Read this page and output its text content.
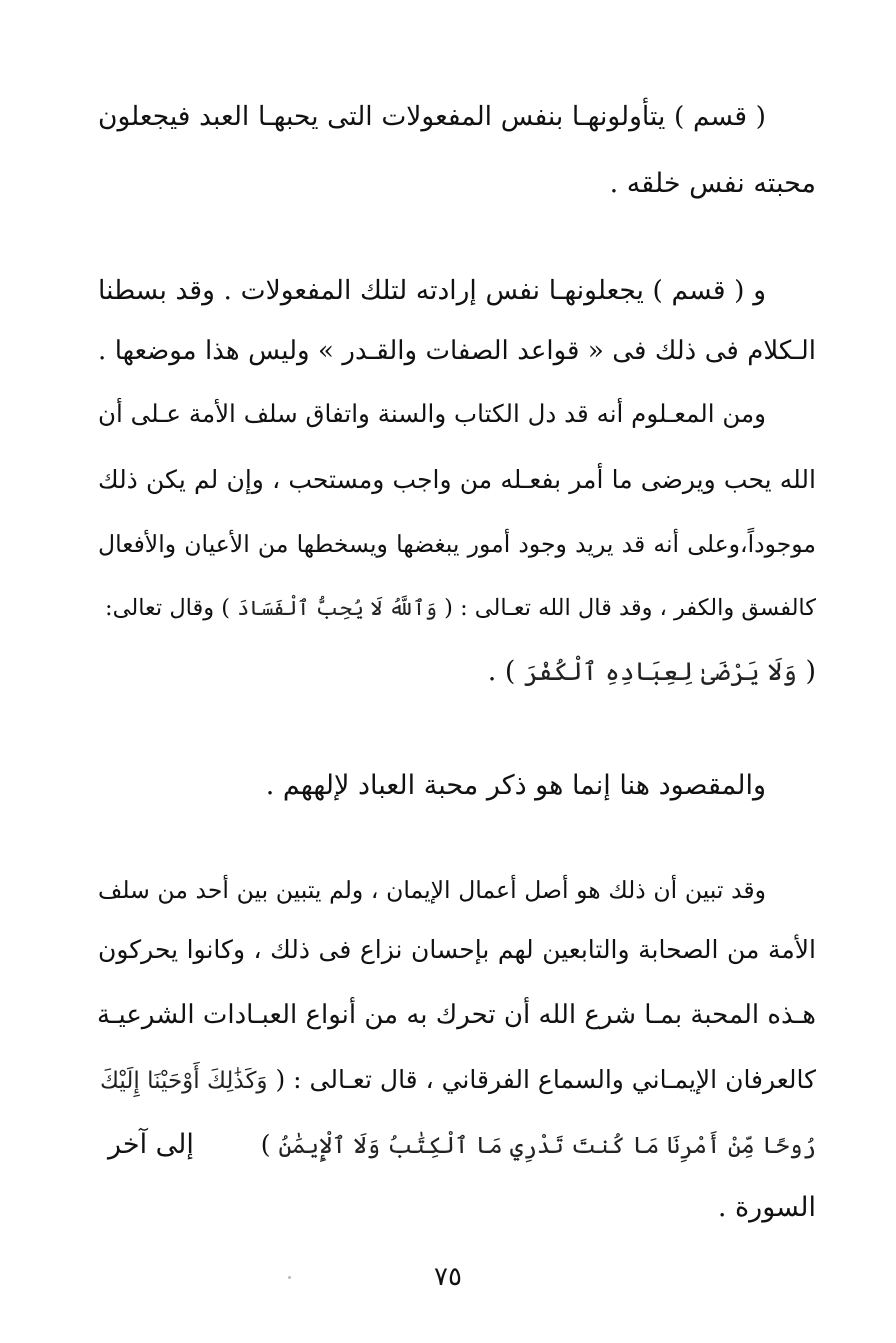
( قسم ) يتأولونهـا بنفس المفعولات التى يحبهـا العبد فيجعلون
محبته نفس خلقه .
و ( قسم ) يجعلونهـا نفس إرادته لتلك المفعولات . وقد بسطنا
الـكلام فى ذلك فى « قواعد الصفات والقـدر » وليس هذا موضعها .
ومن المعـلوم أنه قد دل الكتاب والسنة واتفاق سلف الأمة عـلى أن
الله يحب ويرضى ما أمر بفعـله من واجب ومستحب ، وإن لم يكن ذلك
موجوداً،وعلى أنه قد يريد وجود أمور يبغضها ويسخطها من الأعيان والأفعال
كالفسق والكفر ، وقد قال الله تعـالى : ( وَٱللَّهُ لَا يُحِبُّ ٱلْفَسَادَ ) وقال تعالى:
( وَلَا يَرْضَىٰ لِعِبَادِهِ ٱلْكُفْرَ ) .
والمقصود هنا إنما هو ذكر محبة العباد لإلههم .
وقد تبين أن ذلك هو أصل أعمال الإيمان ، ولم يتبين بين أحد من سلف
الأمة من الصحابة والتابعين لهم بإحسان نزاع فى ذلك ، وكانوا يحركون
هـذه المحبة بمـا شرع الله أن تحرك به من أنواع العبـادات الشرعيـة
كالعرفان الإيمـاني والسماع الفرقاني ، قال تعـالى : ( وَكَذَٰلِكَ أَوْحَيْنَا إِلَيْكَ
رُوحًا مِّنْ أَمْرِنَا مَا كُنتَ تَدْرِي مَا ٱلْكِتَٰبُ وَلَا ٱلْإِيمَٰنُ )
إلى آخر
السورة .
٧٥
